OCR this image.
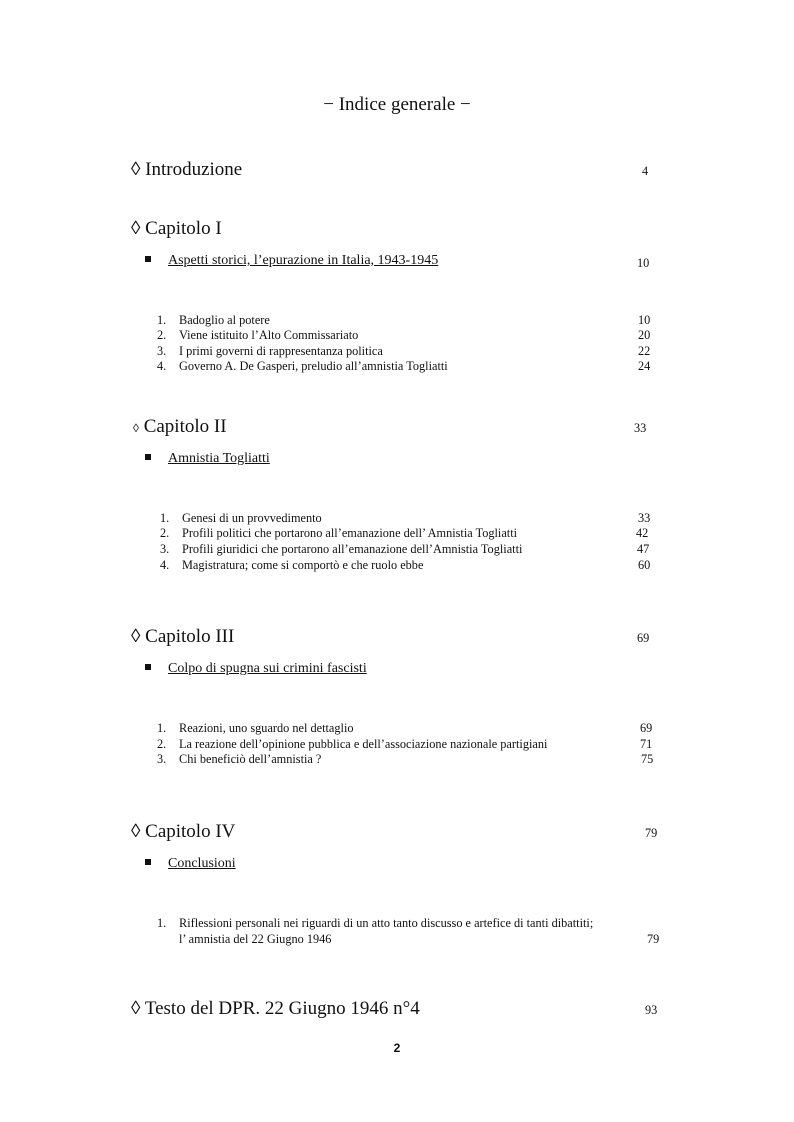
− Indice generale −
◊ Introduzione	4
◊ Capitolo I
Aspetti storici, l’epurazione in Italia, 1943-1945	10
1. Badoglio al potere	10
2. Viene istituito l’Alto Commissariato	20
3. I primi governi di rappresentanza politica	22
4. Governo A. De Gasperi, preludio all’amnistia Togliatti	24
◊ Capitolo II	33
Amnistia Togliatti
1. Genesi di un provvedimento	33
2. Profili politici che portarono all’emanazione dell’ Amnistia Togliatti	42
3. Profili giuridici che portarono all’emanazione dell’Amnistia Togliatti	47
4. Magistratura; come si comportò e che ruolo ebbe	60
◊ Capitolo III	69
Colpo di spugna sui crimini fascisti
1. Reazioni, uno sguardo nel dettaglio	69
2. La reazione dell’opinione pubblica e dell’associazione nazionale partigiani	71
3. Chi beneficiò dell’amnistia ?	75
◊ Capitolo IV	79
Conclusioni
1. Riflessioni personali nei riguardi di un atto tanto discusso e artefice di tanti dibattiti;
l’ amnistia del 22 Giugno 1946	79
◊ Testo del DPR. 22 Giugno 1946 n°4	93
2
